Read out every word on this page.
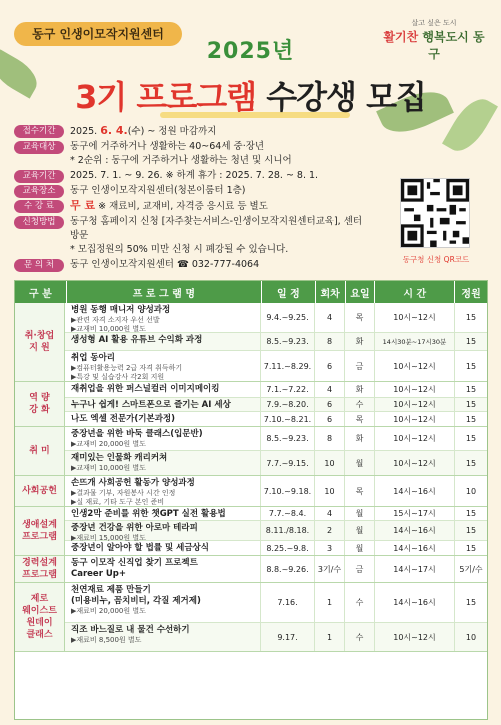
동구 인생이모작지원센터
살고 싶은 도시
활기찬 행복도시 동구
2025년
3기 프로그램 수강생 모집
접수기간	2025. 6. 4.(수) ~ 정원 마감까지
교육대상	동구에 거주하거나 생활하는 40~64세 중·장년
* 2순위 : 동구에 거주하거나 생활하는 청년 및 시니어
교육기간	2025. 7. 1. ~ 9. 26. ※ 하계 휴가 : 2025. 7. 28. ~ 8. 1.
교육장소	동구 인생이모작지원센터(청본이룸터 1층)
수 강 료	무 료 ※ 재료비, 교재비, 자격증 응시료 등 별도
신청방법	동구청 홈페이지 신청 [자주찾는서비스-인생이모작지원센터교육], 센터방문
* 모집정원의 50% 미만 신청 시 폐강될 수 있습니다.
문 의 처	동구 인생이모작지원센터 ☎ 032-777-4064	동구청 신청 QR코드
구 분	프 로 그 램 명	일 정	회차	요일	시 간	정원
취·창업
지 원
병원 동행 매니저 양성과정
▶관련 자격 소지자 우선 선발
▶교재비 10,000원 별도
9.4.~9.25.	4	목	10시~12시	15
생성형 AI 활용 유튜브 수익화 과정	8.5.~9.23.	8	화	14시30분~17시30분	15
취업 동아리
▶컴퓨터활용능력 2급 자격 취득하기
▶특강 및 실습강사 각2회 지원
7.11.~8.29.	6	금	10시~12시	15
역 량
강 화
재취업을 위한 퍼스널컬러 이미지메이킹	7.1.~7.22.	4	화	10시~12시	15
누구나 쉽게! 스마트폰으로 즐기는 AI 세상	7.9.~8.20.	6	수	10시~12시	15
나도 엑셀 전문가(기본과정)	7.10.~8.21.	6	목	10시~12시	15
취 미
중장년을 위한 바둑 클래스(입문반)
▶교재비 20,000원 별도
8.5.~9.23.	8	화	10시~12시	15
재미있는 인물화 캐리커쳐
▶교재비 10,000원 별도
7.7.~9.15.	10	월	10시~12시	15
사회공헌
손뜨개 사회공헌 활동가 양성과정
▶결과물 기부, 자원봉사 시간 인정
▶실 재료, 기타 도구 본인 준비
7.10.~9.18.	10	목	14시~16시	10
생애설계
프로그램
인생2막 준비를 위한 챗GPT 실전 활용법	7.7.~8.4.	4	월	15시~17시	15
중장년 건강을 위한 아로마 테라피
▶재료비 15,000원 별도
8.11./8.18.	2	월	14시~16시	15
중장년이 알아야 할 법률 및 세금상식	8.25.~9.8.	3	월	14시~16시	15
경력설계
프로그램
동구 이모작 신직업 찾기 프로젝트
Career Up+	8.8.~9.26.	3기/수	금	14시~17시	5기/수
제로
웨이스트
원데이
클래스
천연재료 제품 만들기
(미용비누, 꼼치비터, 각질 제거제)
▶재료비 20,000원 별도
7.16.	1	수	14시~16시	15
직조 바느질로 내 물건 수선하기
▶재료비 8,500원 별도	9.17.	1	수	10시~12시	10
